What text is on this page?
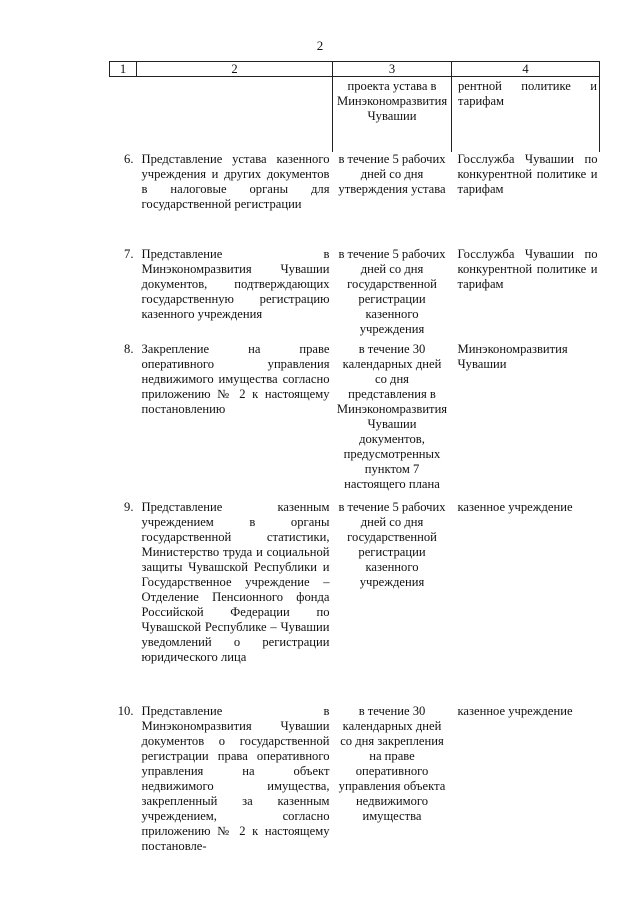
2
1	2	3	4
		проекта устава в Минэкономразвития Чувашии	рентной политике и тарифам
6.	Представление устава казенного учреждения и других документов в налоговые органы для государственной регистрации	в течение 5 рабочих дней со дня утверждения устава	Госслужба Чувашии по конкурентной политике и тарифам
7.	Представление в Минэкономразвития Чувашии документов, подтверждающих государственную регистрацию казенного учреждения	в течение 5 рабочих дней со дня государственной регистрации казенного учреждения	Госслужба Чувашии по конкурентной политике и тарифам
8.	Закрепление на праве оперативного управления недвижимого имущества согласно приложению № 2 к настоящему постановлению	в течение 30 календарных дней со дня представления в Минэкономразвития Чувашии документов, предусмотренных пунктом 7 настоящего плана	Минэкономразвития Чувашии
9.	Представление казенным учреждением в органы государственной статистики, Министерство труда и социальной защиты Чувашской Республики и Государственное учреждение – Отделение Пенсионного фонда Российской Федерации по Чувашской Республике – Чувашии уведомлений о регистрации юридического лица	в течение 5 рабочих дней со дня государственной регистрации казенного учреждения	казенное учреждение
10.	Представление в Минэкономразвития Чувашии документов о государственной регистрации права оперативного управления на объект недвижимого имущества, закрепленный за казенным учреждением, согласно приложению № 2 к настоящему постановле-	в течение 30 календарных дней со дня закрепления на праве оперативного управления объекта недвижимого имущества	казенное учреждение
